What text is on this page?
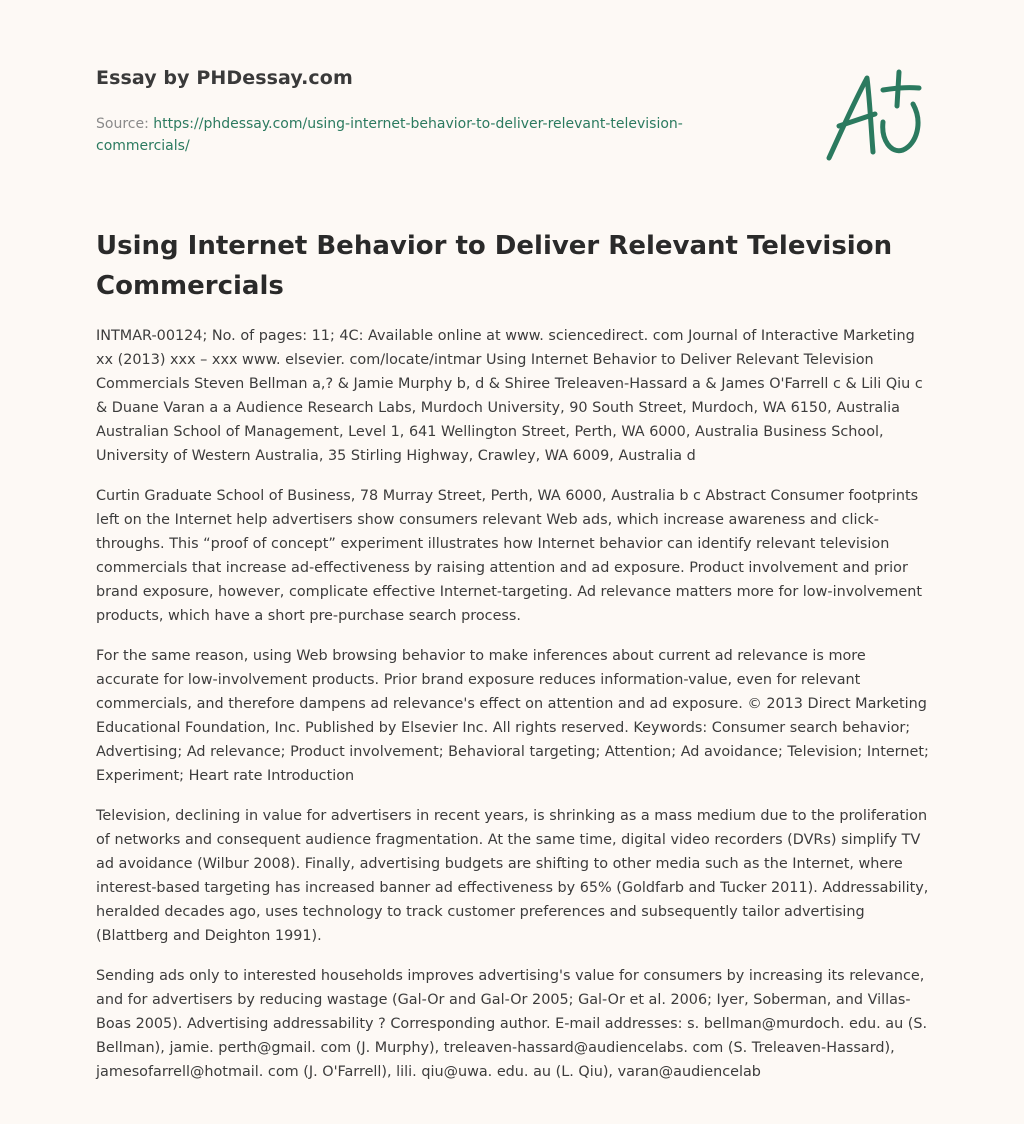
Essay by PHDessay.com
Source: https://phdessay.com/using-internet-behavior-to-deliver-relevant-television-commercials/
Using Internet Behavior to Deliver Relevant Television Commercials

INTMAR-00124; No. of pages: 11; 4C: Available online at www. sciencedirect. com Journal of Interactive Marketing xx (2013) xxx – xxx www. elsevier. com/locate/intmar Using Internet Behavior to Deliver Relevant Television Commercials Steven Bellman a,? & Jamie Murphy b, d & Shiree Treleaven-Hassard a & James O'Farrell c & Lili Qiu c & Duane Varan a a Audience Research Labs, Murdoch University, 90 South Street, Murdoch, WA 6150, Australia Australian School of Management, Level 1, 641 Wellington Street, Perth, WA 6000, Australia Business School, University of Western Australia, 35 Stirling Highway, Crawley, WA 6009, Australia d

Curtin Graduate School of Business, 78 Murray Street, Perth, WA 6000, Australia b c Abstract Consumer footprints left on the Internet help advertisers show consumers relevant Web ads, which increase awareness and click-throughs. This “proof of concept” experiment illustrates how Internet behavior can identify relevant television commercials that increase ad-effectiveness by raising attention and ad exposure. Product involvement and prior brand exposure, however, complicate effective Internet-targeting. Ad relevance matters more for low-involvement products, which have a short pre-purchase search process.

For the same reason, using Web browsing behavior to make inferences about current ad relevance is more accurate for low-involvement products. Prior brand exposure reduces information-value, even for relevant commercials, and therefore dampens ad relevance's effect on attention and ad exposure. © 2013 Direct Marketing Educational Foundation, Inc. Published by Elsevier Inc. All rights reserved. Keywords: Consumer search behavior; Advertising; Ad relevance; Product involvement; Behavioral targeting; Attention; Ad avoidance; Television; Internet; Experiment; Heart rate Introduction

Television, declining in value for advertisers in recent years, is shrinking as a mass medium due to the proliferation of networks and consequent audience fragmentation. At the same time, digital video recorders (DVRs) simplify TV ad avoidance (Wilbur 2008). Finally, advertising budgets are shifting to other media such as the Internet, where interest-based targeting has increased banner ad effectiveness by 65% (Goldfarb and Tucker 2011). Addressability, heralded decades ago, uses technology to track customer preferences and subsequently tailor advertising (Blattberg and Deighton 1991).

Sending ads only to interested households improves advertising's value for consumers by increasing its relevance, and for advertisers by reducing wastage (Gal-Or and Gal-Or 2005; Gal-Or et al. 2006; Iyer, Soberman, and Villas-Boas 2005). Advertising addressability ? Corresponding author. E-mail addresses: s. bellman@murdoch. edu. au (S. Bellman), jamie. perth@gmail. com (J. Murphy), treleaven-hassard@audiencelabs. com (S. Treleaven-Hassard), jamesofarrell@hotmail. com (J. O'Farrell), lili. qiu@uwa. edu. au (L. Qiu), varan@audiencelab
